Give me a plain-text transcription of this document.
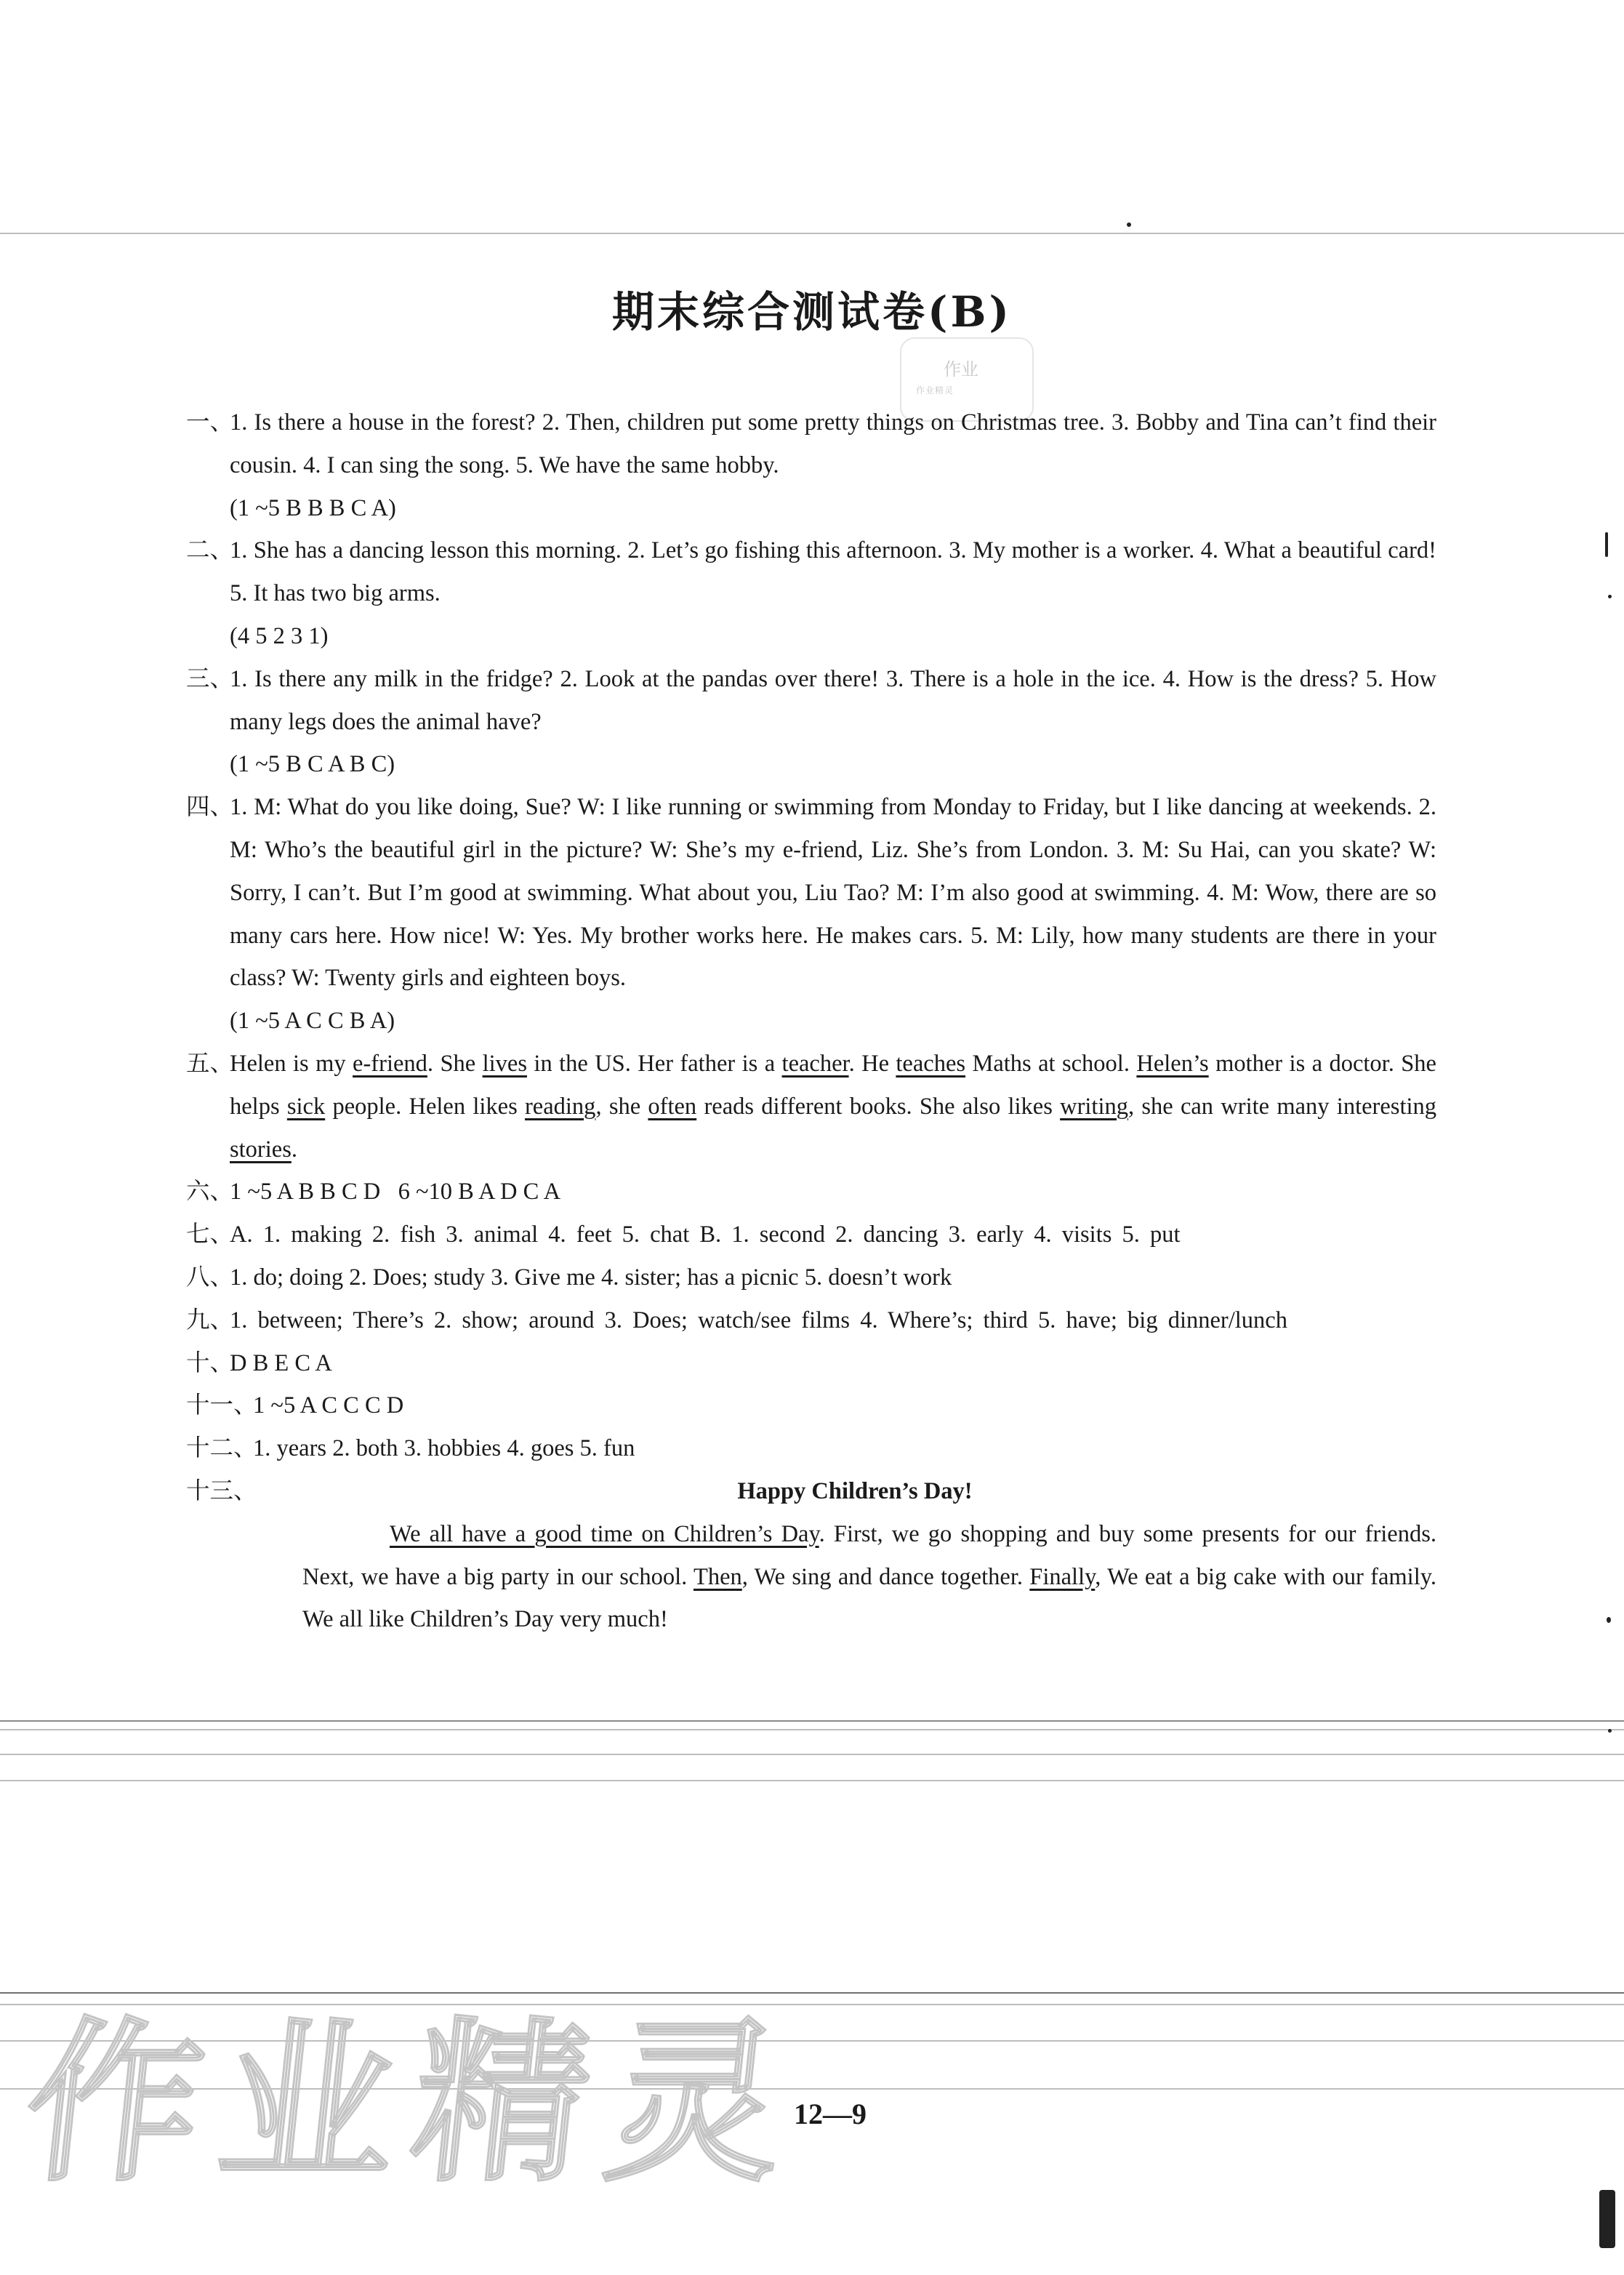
期末综合测试卷(B)
作业
作业精灵
一、

1. Is there a house in the forest? 2. Then, children put some pretty things on Christmas tree. 3. Bobby and Tina can’t find their cousin. 4. I can sing the song. 5. We have the same hobby.

(1 ~5 B B B C A)

二、

1. She has a dancing lesson this morning. 2. Let’s go fishing this afternoon. 3. My mother is a worker. 4. What a beautiful card! 5. It has two big arms.

(4 5 2 3 1)

三、

1. Is there any milk in the fridge? 2. Look at the pandas over there! 3. There is a hole in the ice. 4. How is the dress? 5. How many legs does the animal have?

(1 ~5 B C A B C)

四、

1. M: What do you like doing, Sue? W: I like running or swimming from Monday to Friday, but I like dancing at weekends. 2. M: Who’s the beautiful girl in the picture? W: She’s my e-friend, Liz. She’s from London. 3. M: Su Hai, can you skate? W: Sorry, I can’t. But I’m good at swimming. What about you, Liu Tao? M: I’m also good at swimming. 4. M: Wow, there are so many cars here. How nice! W: Yes. My brother works here. He makes cars. 5. M: Lily, how many students are there in your class? W: Twenty girls and eighteen boys.

(1 ~5 A C C B A)

五、

Helen is my e-friend. She lives in the US. Her father is a teacher. He teaches Maths at school. Helen’s mother is a doctor. She helps sick people. Helen likes reading, she often reads different books. She also likes writing, she can write many interesting stories.

六、

1 ~5 A B B C D   6 ~10 B A D C A

七、

A. 1. making 2. fish 3. animal 4. feet 5. chat B. 1. second 2. dancing 3. early 4. visits 5. put

八、

1. do; doing 2. Does; study 3. Give me 4. sister; has a picnic 5. doesn’t work

九、

1. between; There’s 2. show; around 3. Does; watch/see films 4. Where’s; third 5. have; big dinner/lunch

十、

D B E C A

十一、

1 ~5 A C C C D

十二、

1. years 2. both 3. hobbies 4. goes 5. fun

十三、	Happy Children’s Day!

We all have a good time on Children’s Day. First, we go shopping and buy some presents for our friends. Next, we have a big party in our school. Then, We sing and dance together. Finally, We eat a big cake with our family. We all like Children’s Day very much!

作业精灵
12—9
